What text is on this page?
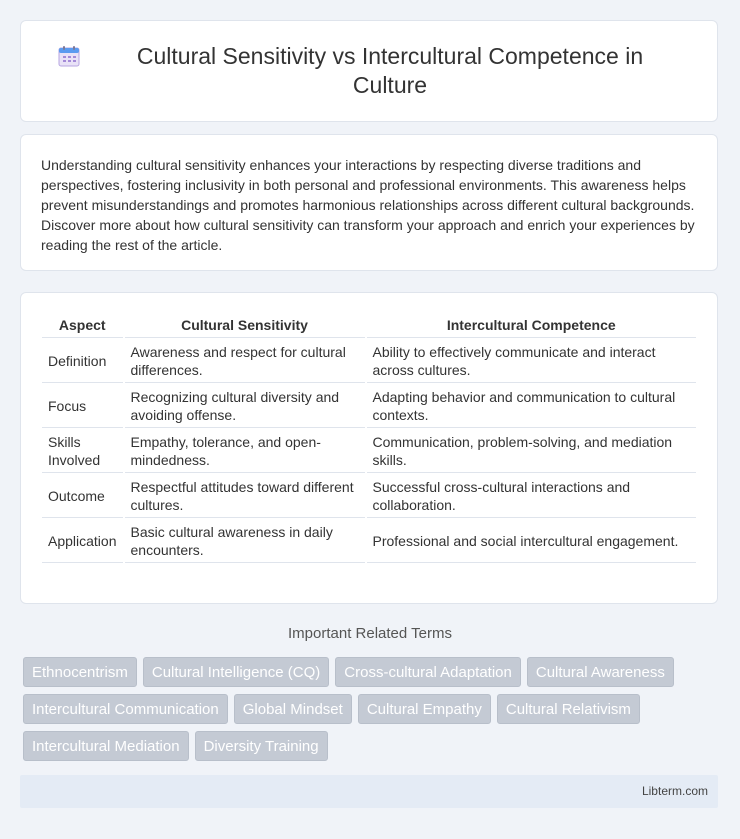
Cultural Sensitivity vs Intercultural Competence in Culture

Understanding cultural sensitivity enhances your interactions by respecting diverse traditions and perspectives, fostering inclusivity in both personal and professional environments. This awareness helps prevent misunderstandings and promotes harmonious relationships across different cultural backgrounds. Discover more about how cultural sensitivity can transform your approach and enrich your experiences by reading the rest of the article.

Aspect	Cultural Sensitivity	Intercultural Competence
Definition	Awareness and respect for cultural differences.	Ability to effectively communicate and interact across cultures.
Focus	Recognizing cultural diversity and avoiding offense.	Adapting behavior and communication to cultural contexts.
Skills Involved	Empathy, tolerance, and open-mindedness.	Communication, problem-solving, and mediation skills.
Outcome	Respectful attitudes toward different cultures.	Successful cross-cultural interactions and collaboration.
Application	Basic cultural awareness in daily encounters.	Professional and social intercultural engagement.
Important Related Terms
Ethnocentrism	Cultural Intelligence (CQ)	Cross-cultural Adaptation	Cultural Awareness
Intercultural Communication	Global Mindset	Cultural Empathy	Cultural Relativism
Intercultural Mediation	Diversity Training
Libterm.com
